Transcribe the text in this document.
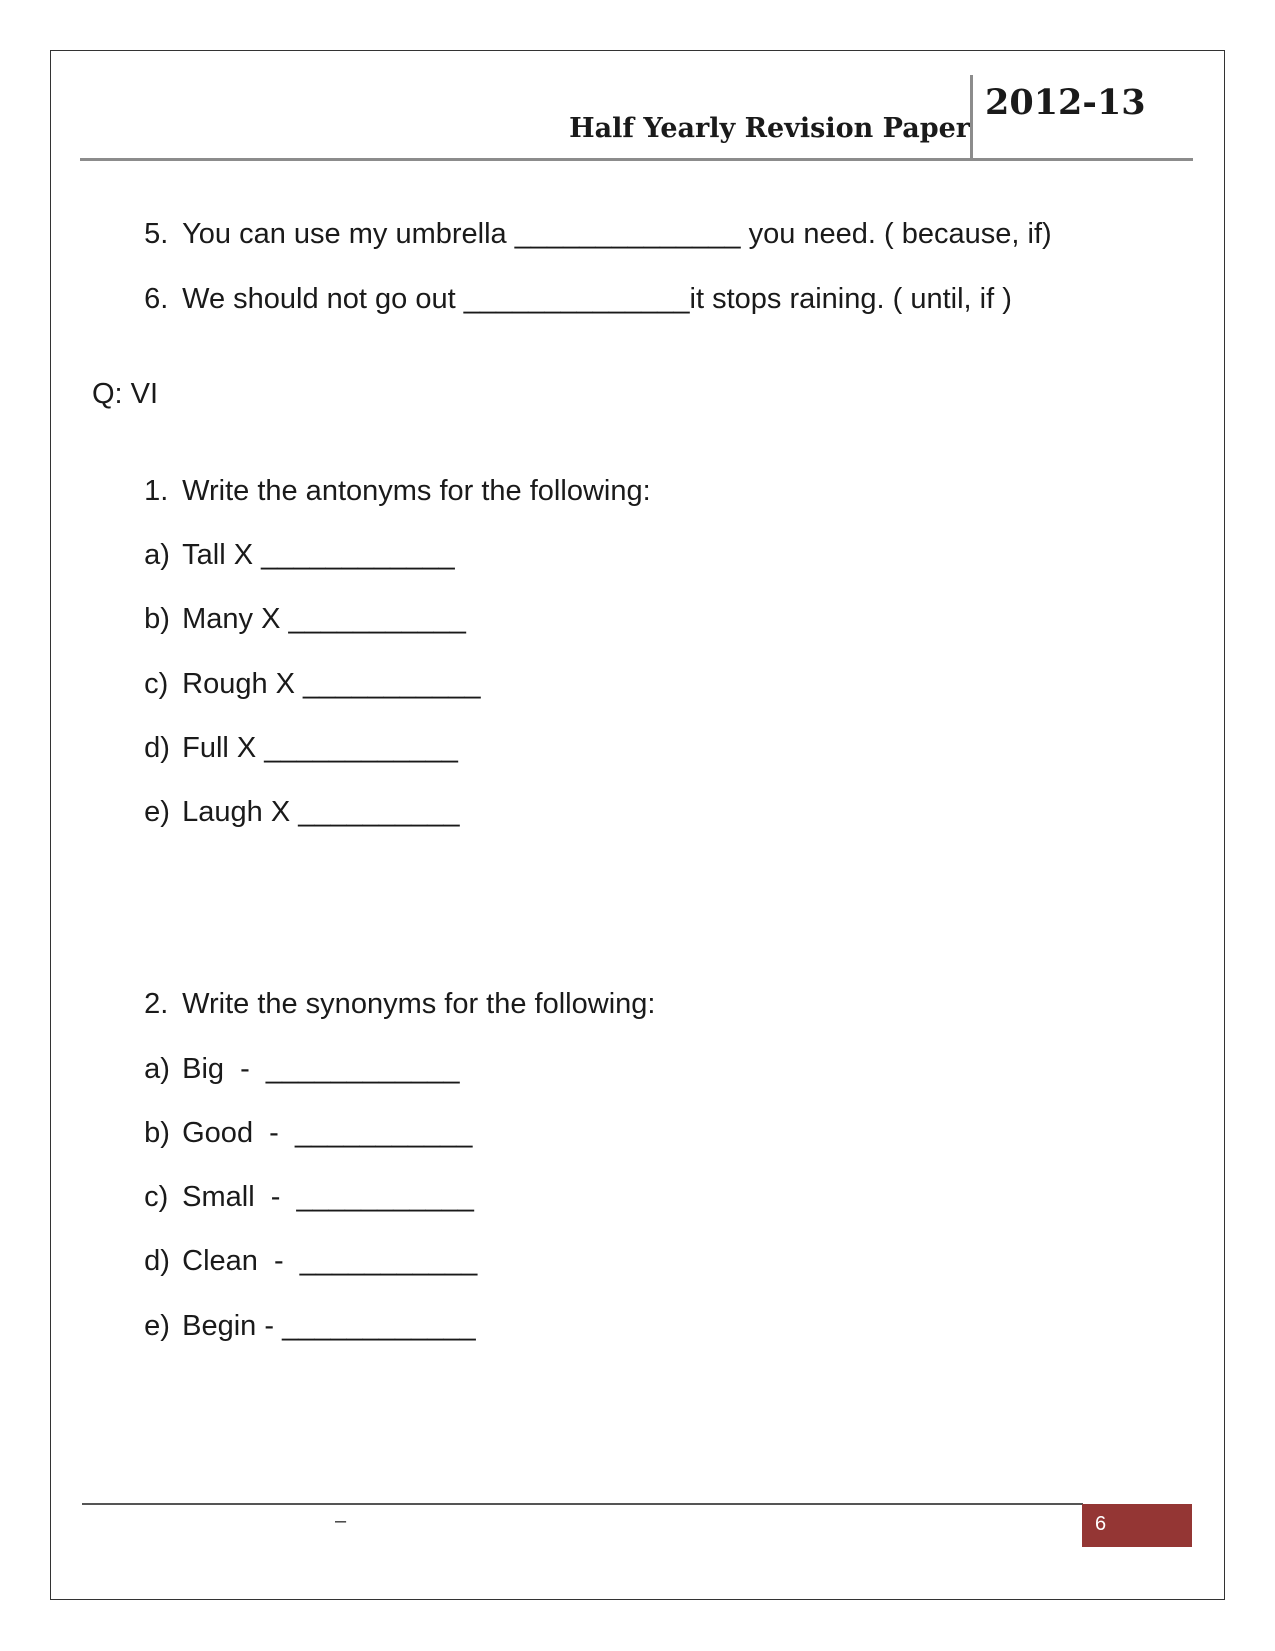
Half Yearly Revision Paper
2012-13

5. You can use my umbrella ______________ you need. ( because, if)

6. We should not go out ______________it stops raining. ( until, if )

Q: VI

1. Write the antonyms for the following:

a) Tall X ____________

b) Many X ___________

c) Rough X ___________

d) Full X ____________

e) Laugh X __________

2. Write the synonyms for the following:

a) Big  -  ____________

b) Good  -  ___________

c) Small  -  ___________

d) Clean  -  ___________

e) Begin - ____________

–	6
